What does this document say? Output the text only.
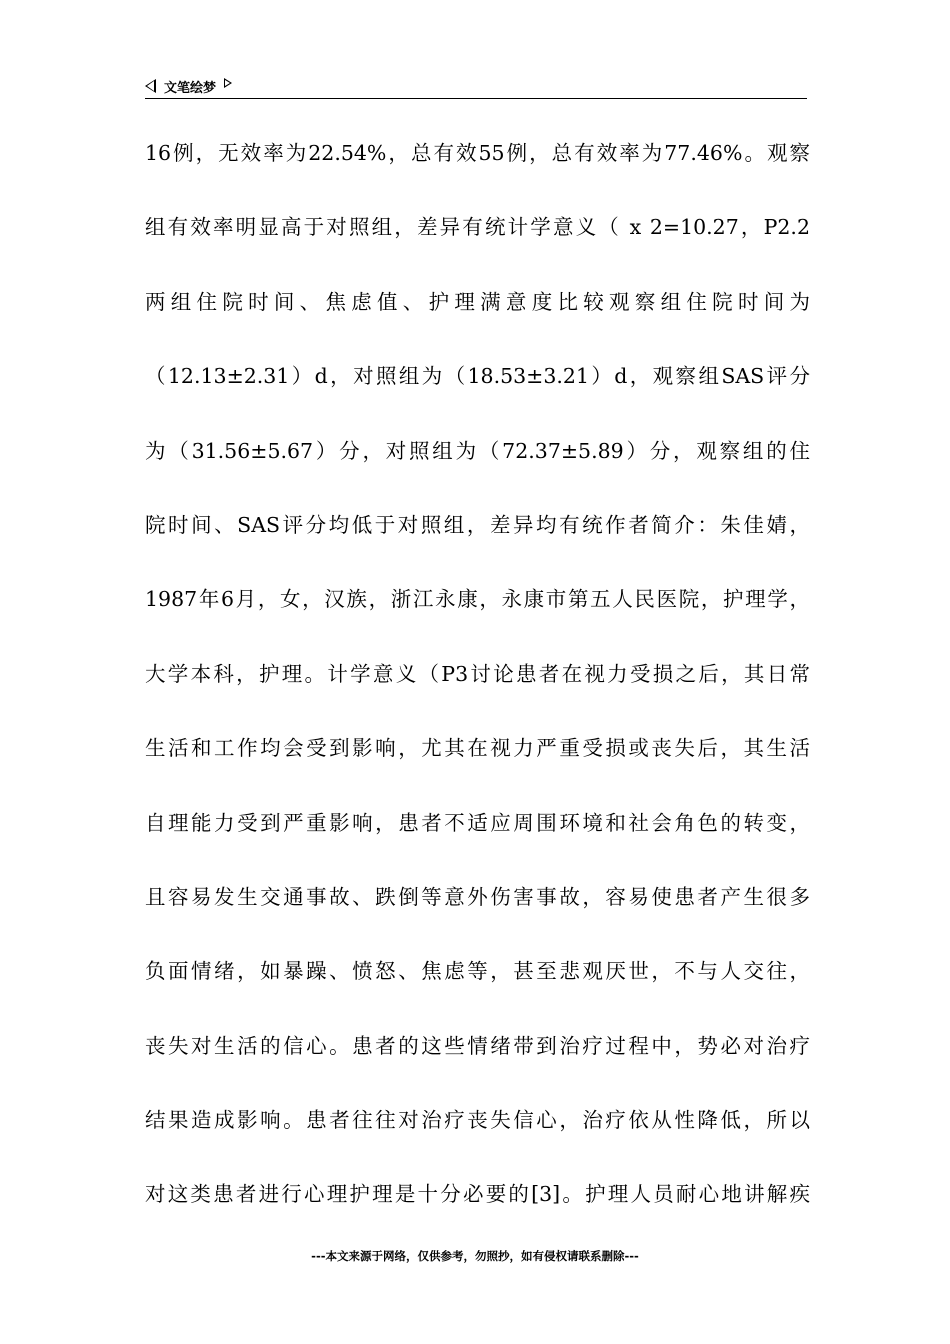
文笔绘梦
16例，无效率为22.54%，总有效55例，总有效率为77.46%。观察
组有效率明显高于对照组，差异有统计学意义（ x 2=10.27，P2.2
两组住院时间、焦虑值、护理满意度比较观察组住院时间为
（12.13±2.31）d，对照组为（18.53±3.21）d，观察组SAS评分
为（31.56±5.67）分，对照组为（72.37±5.89）分，观察组的住
院时间、SAS评分均低于对照组，差异均有统作者简介：朱佳婧，
1987年6月，女，汉族，浙江永康，永康市第五人民医院，护理学，
大学本科，护理。计学意义（P3讨论患者在视力受损之后，其日常
生活和工作均会受到影响，尤其在视力严重受损或丧失后，其生活
自理能力受到严重影响，患者不适应周围环境和社会角色的转变，
且容易发生交通事故、跌倒等意外伤害事故，容易使患者产生很多
负面情绪，如暴躁、愤怒、焦虑等，甚至悲观厌世，不与人交往，
丧失对生活的信心。患者的这些情绪带到治疗过程中，势必对治疗
结果造成影响。患者往往对治疗丧失信心，治疗依从性降低，所以
对这类患者进行心理护理是十分必要的[3]。护理人员耐心地讲解疾
---本文来源于网络，仅供参考，勿照抄，如有侵权请联系删除---
